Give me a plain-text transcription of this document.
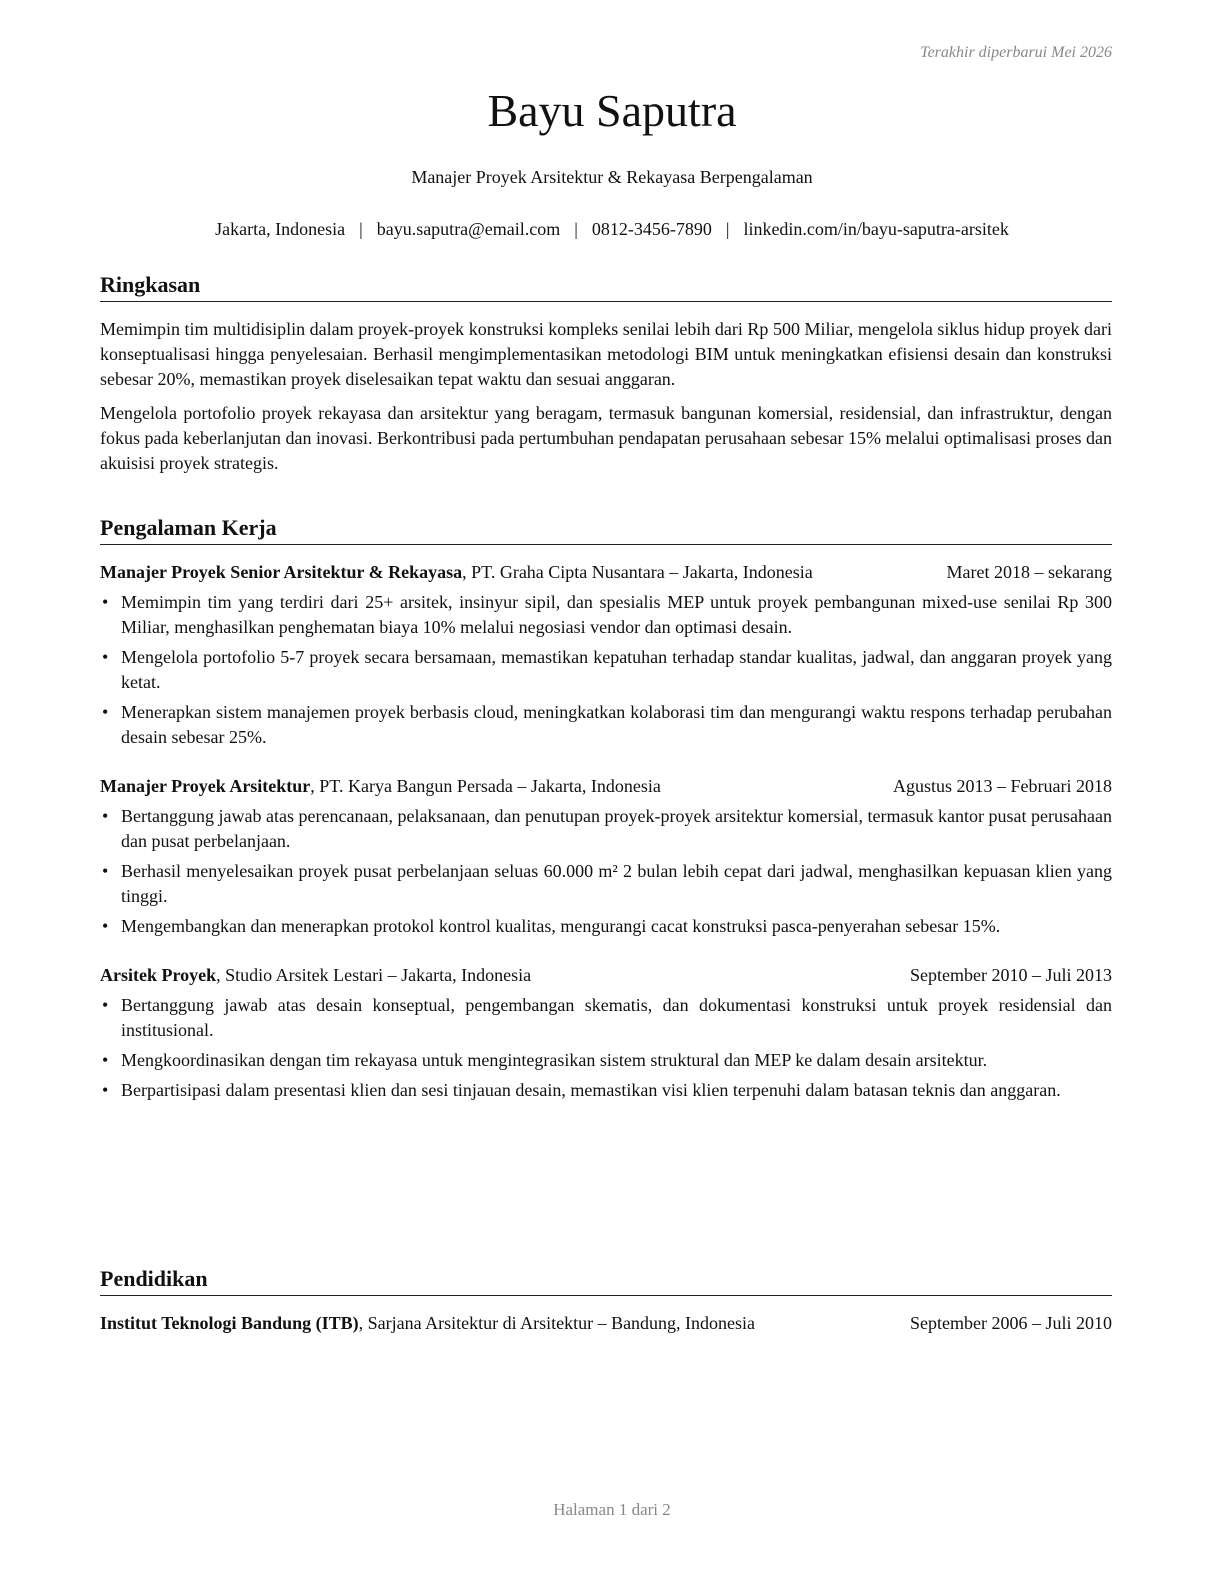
Terakhir diperbarui Mei 2026
Bayu Saputra
Manajer Proyek Arsitektur & Rekayasa Berpengalaman
Jakarta, Indonesia | bayu.saputra@email.com | 0812-3456-7890 | linkedin.com/in/bayu-saputra-arsitek
Ringkasan

Memimpin tim multidisiplin dalam proyek-proyek konstruksi kompleks senilai lebih dari Rp 500 Miliar, mengelola siklus hidup proyek dari konseptualisasi hingga penyelesaian. Berhasil mengimplementasikan metodologi BIM untuk meningkatkan efisiensi desain dan konstruksi sebesar 20%, memastikan proyek diselesaikan tepat waktu dan sesuai anggaran.

Mengelola portofolio proyek rekayasa dan arsitektur yang beragam, termasuk bangunan komersial, residensial, dan infrastruktur, dengan fokus pada keberlanjutan dan inovasi. Berkontribusi pada pertumbuhan pendapatan perusahaan sebesar 15% melalui optimalisasi proses dan akuisisi proyek strategis.

Pengalaman Kerja
Manajer Proyek Senior Arsitektur & Rekayasa, PT. Graha Cipta Nusantara – Jakarta, Indonesia	Maret 2018 – sekarang
• Memimpin tim yang terdiri dari 25+ arsitek, insinyur sipil, dan spesialis MEP untuk proyek pembangunan mixed-use senilai Rp 300 Miliar, menghasilkan penghematan biaya 10% melalui negosiasi vendor dan optimasi desain.
• Mengelola portofolio 5-7 proyek secara bersamaan, memastikan kepatuhan terhadap standar kualitas, jadwal, dan anggaran proyek yang ketat.
• Menerapkan sistem manajemen proyek berbasis cloud, meningkatkan kolaborasi tim dan mengurangi waktu respons terhadap perubahan desain sebesar 25%.
Manajer Proyek Arsitektur, PT. Karya Bangun Persada – Jakarta, Indonesia	Agustus 2013 – Februari 2018
• Bertanggung jawab atas perencanaan, pelaksanaan, dan penutupan proyek-proyek arsitektur komersial, termasuk kantor pusat perusahaan dan pusat perbelanjaan.
• Berhasil menyelesaikan proyek pusat perbelanjaan seluas 60.000 m² 2 bulan lebih cepat dari jadwal, menghasilkan kepuasan klien yang tinggi.
• Mengembangkan dan menerapkan protokol kontrol kualitas, mengurangi cacat konstruksi pasca-penyerahan sebesar 15%.
Arsitek Proyek, Studio Arsitek Lestari – Jakarta, Indonesia	September 2010 – Juli 2013
• Bertanggung jawab atas desain konseptual, pengembangan skematis, dan dokumentasi konstruksi untuk proyek residensial dan institusional.
• Mengkoordinasikan dengan tim rekayasa untuk mengintegrasikan sistem struktural dan MEP ke dalam desain arsitektur.
• Berpartisipasi dalam presentasi klien dan sesi tinjauan desain, memastikan visi klien terpenuhi dalam batasan teknis dan anggaran.
Pendidikan
Institut Teknologi Bandung (ITB), Sarjana Arsitektur di Arsitektur – Bandung, Indonesia	September 2006 – Juli 2010
Halaman 1 dari 2
